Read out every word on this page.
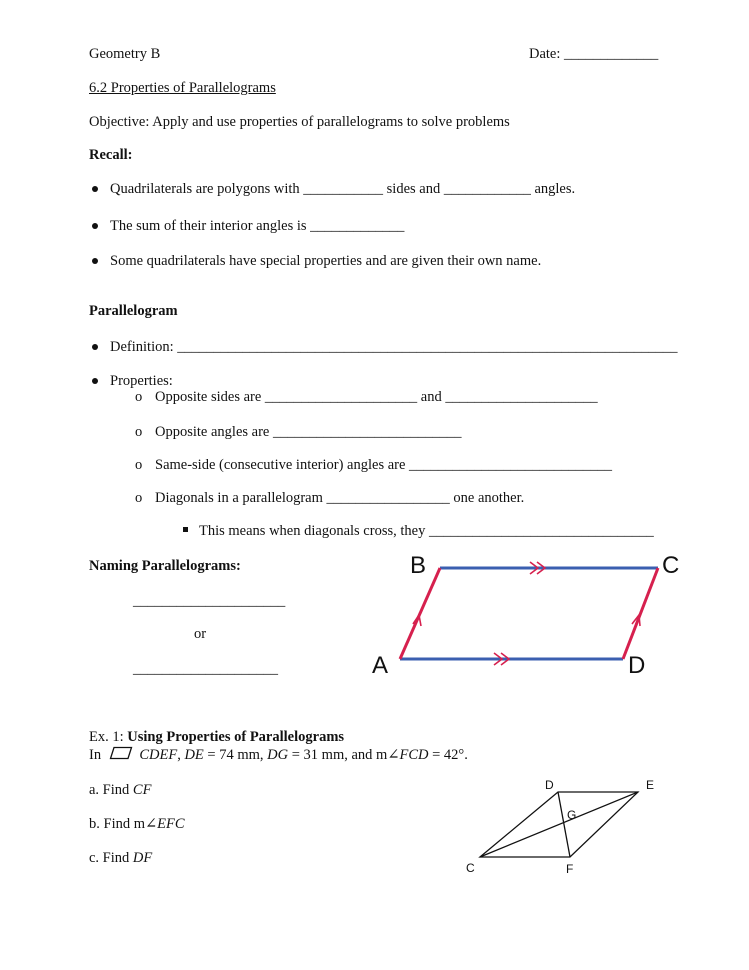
Geometry B	Date: _____________
6.2 Properties of Parallelograms
Objective: Apply and use properties of parallelograms to solve problems
Recall:
Quadrilaterals are polygons with ___________ sides and ____________ angles.
The sum of their interior angles is _____________
Some quadrilaterals have special properties and are given their own name.
Parallelogram
Definition: _____________________________________________________________________
Properties:
o Opposite sides are _____________________ and _____________________
o Opposite angles are __________________________
o Same-side (consecutive interior) angles are ____________________________
o Diagonals in a parallelogram _________________ one another.
This means when diagonals cross, they _______________________________
Naming Parallelograms:
_____________________
or
____________________
B	C
A	D
Ex. 1: Using Properties of Parallelograms
In	CDEF, DE = 74 mm, DG = 31 mm, and m∠FCD = 42°.
a. Find CF
b. Find m∠EFC
c. Find DF
D	E
G
C	F
